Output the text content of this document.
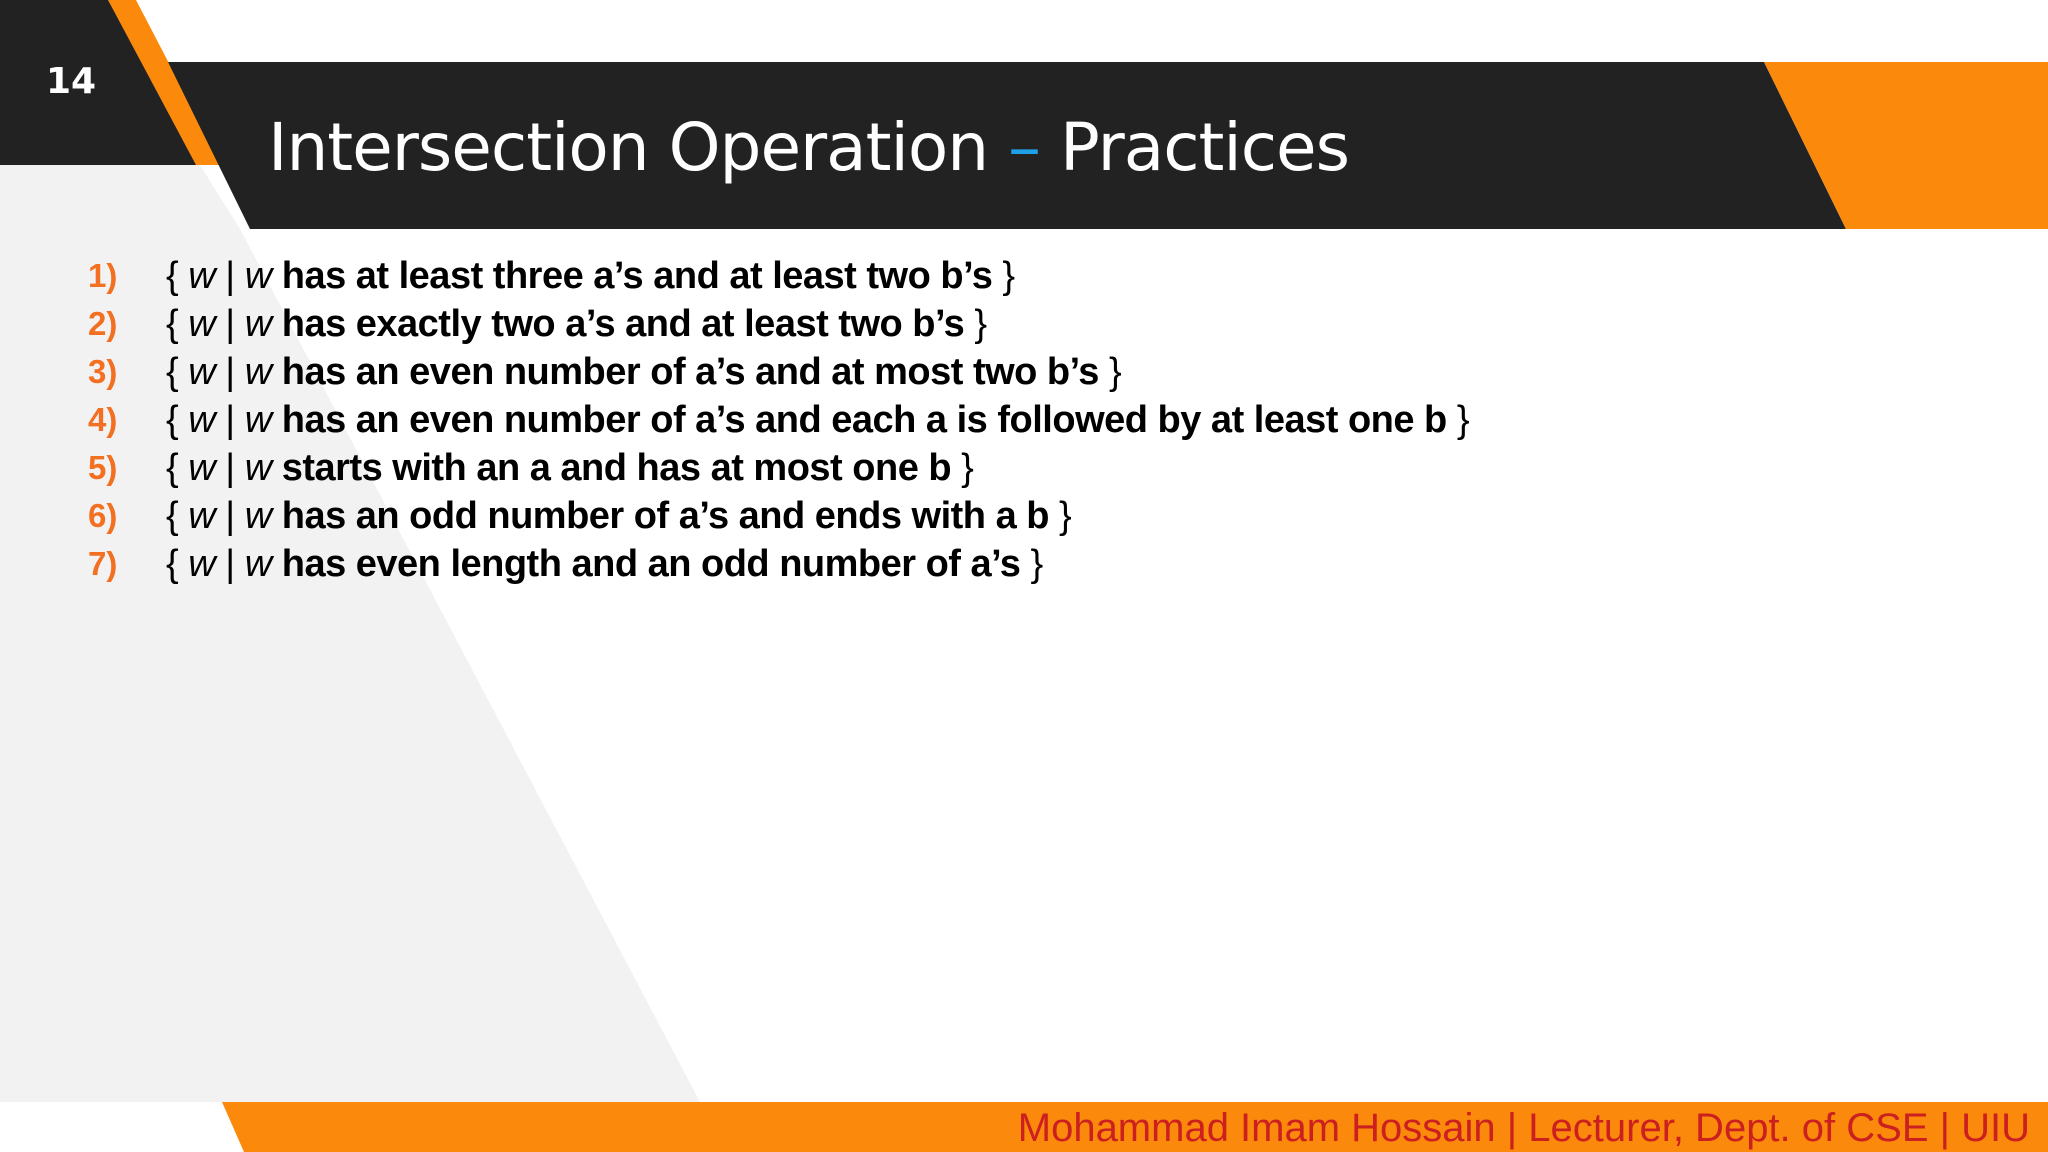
14
Intersection Operation – Practices
1)	{ w | w has at least three a’s and at least two b’s }
2)	{ w | w has exactly two a’s and at least two b’s }
3)	{ w | w has an even number of a’s and at most two b’s }
4)	{ w | w has an even number of a’s and each a is followed by at least one b }
5)	{ w | w starts with an a and has at most one b }
6)	{ w | w has an odd number of a’s and ends with a b }
7)	{ w | w has even length and an odd number of a’s }
Mohammad Imam Hossain | Lecturer, Dept. of CSE | UIU
